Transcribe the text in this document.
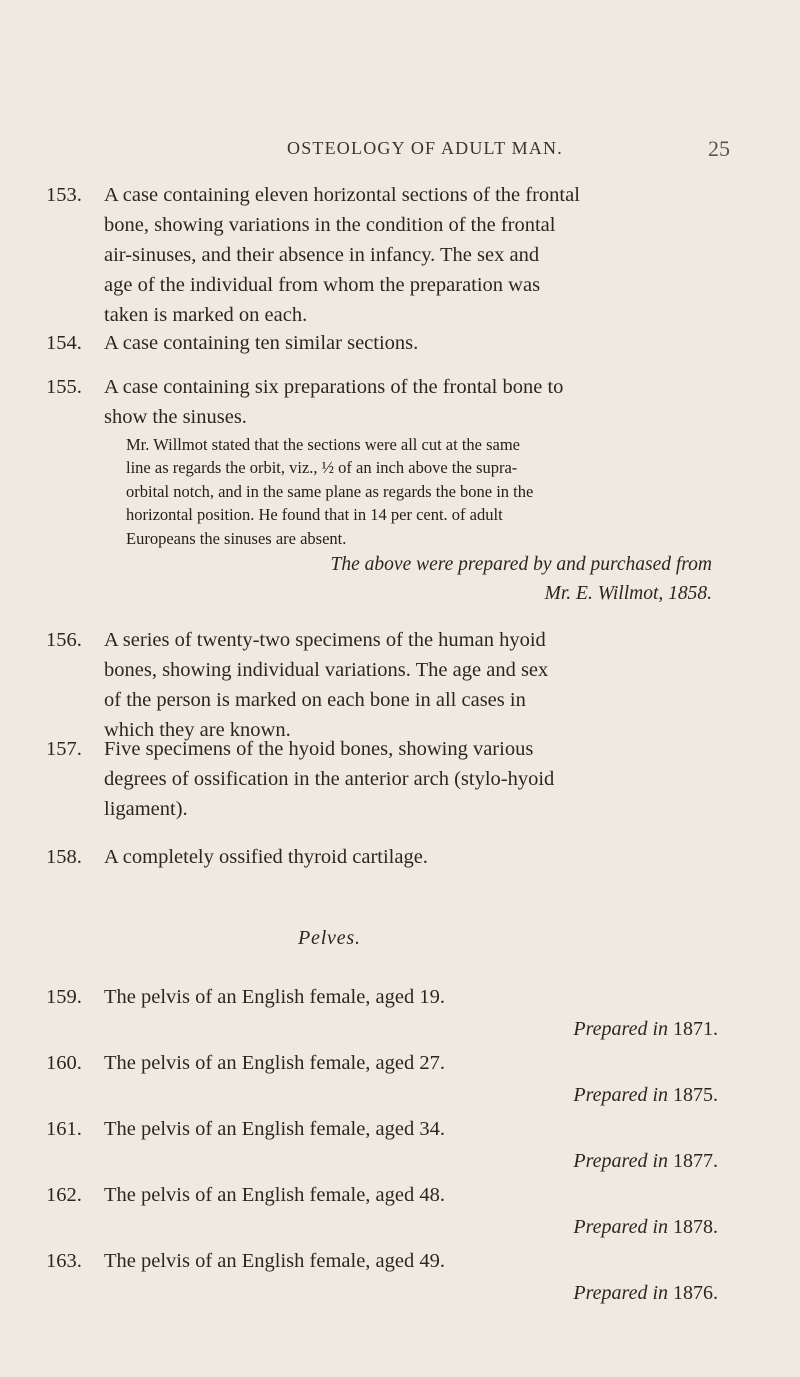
OSTEOLOGY OF ADULT MAN.	25
153. A case containing eleven horizontal sections of the frontal
bone, showing variations in the condition of the frontal
air-sinuses, and their absence in infancy. The sex and
age of the individual from whom the preparation was
taken is marked on each.
154. A case containing ten similar sections.
155. A case containing six preparations of the frontal bone to
show the sinuses.
Mr. Willmot stated that the sections were all cut at the same
line as regards the orbit, viz., ½ of an inch above the supra-
orbital notch, and in the same plane as regards the bone in the
horizontal position. He found that in 14 per cent. of adult
Europeans the sinuses are absent.
The above were prepared by and purchased from
Mr. E. Willmot, 1858.
156. A series of twenty-two specimens of the human hyoid
bones, showing individual variations. The age and sex
of the person is marked on each bone in all cases in
which they are known.
157. Five specimens of the hyoid bones, showing various
degrees of ossification in the anterior arch (stylo-hyoid
ligament).
158. A completely ossified thyroid cartilage.
Pelves.
159. The pelvis of an English female, aged 19.
Prepared in 1871.
160. The pelvis of an English female, aged 27.
Prepared in 1875.
161. The pelvis of an English female, aged 34.
Prepared in 1877.
162. The pelvis of an English female, aged 48.
Prepared in 1878.
163. The pelvis of an English female, aged 49.
Prepared in 1876.
